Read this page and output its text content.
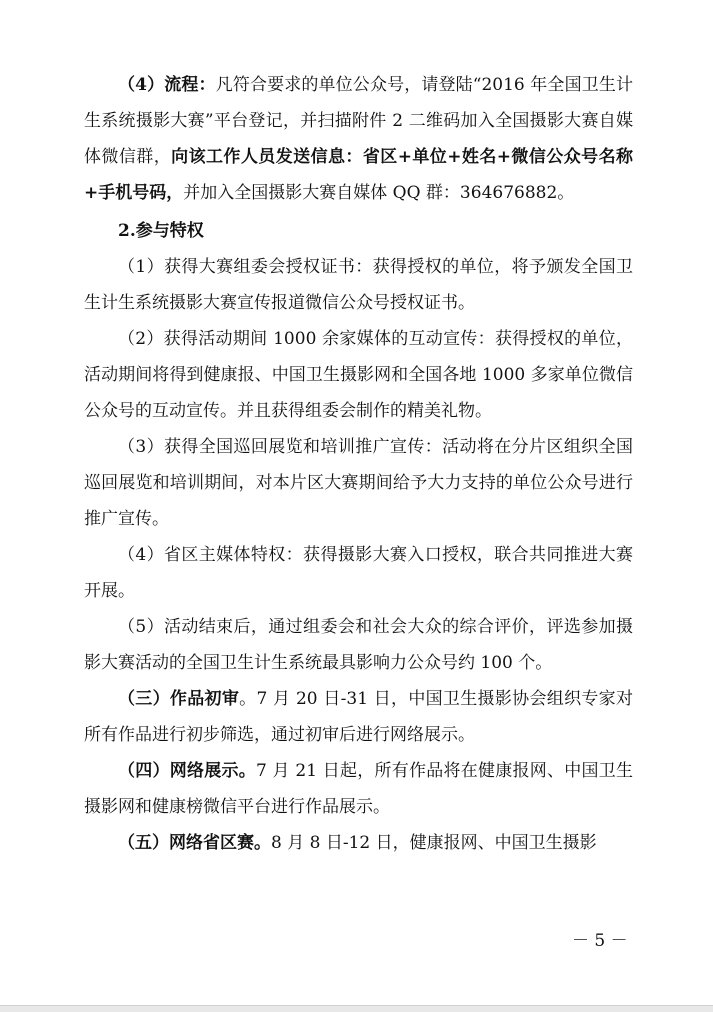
（4）流程：凡符合要求的单位公众号，请登陆“2016 年全国卫生计生系统摄影大赛”平台登记，并扫描附件 2 二维码加入全国摄影大赛自媒体微信群，向该工作人员发送信息：省区+单位+姓名+微信公众号名称+手机号码，并加入全国摄影大赛自媒体 QQ 群：364676882。

2.参与特权

（1）获得大赛组委会授权证书：获得授权的单位，将予颁发全国卫生计生系统摄影大赛宣传报道微信公众号授权证书。

（2）获得活动期间 1000 余家媒体的互动宣传：获得授权的单位，活动期间将得到健康报、中国卫生摄影网和全国各地 1000 多家单位微信公众号的互动宣传。并且获得组委会制作的精美礼物。

（3）获得全国巡回展览和培训推广宣传：活动将在分片区组织全国巡回展览和培训期间，对本片区大赛期间给予大力支持的单位公众号进行推广宣传。

（4）省区主媒体特权：获得摄影大赛入口授权，联合共同推进大赛开展。

（5）活动结束后，通过组委会和社会大众的综合评价，评选参加摄影大赛活动的全国卫生计生系统最具影响力公众号约 100 个。

（三）作品初审。7 月 20 日-31 日，中国卫生摄影协会组织专家对所有作品进行初步筛选，通过初审后进行网络展示。

（四）网络展示。7 月 21 日起，所有作品将在健康报网、中国卫生摄影网和健康榜微信平台进行作品展示。

（五）网络省区赛。8 月 8 日-12 日，健康报网、中国卫生摄影

－ 5 －
